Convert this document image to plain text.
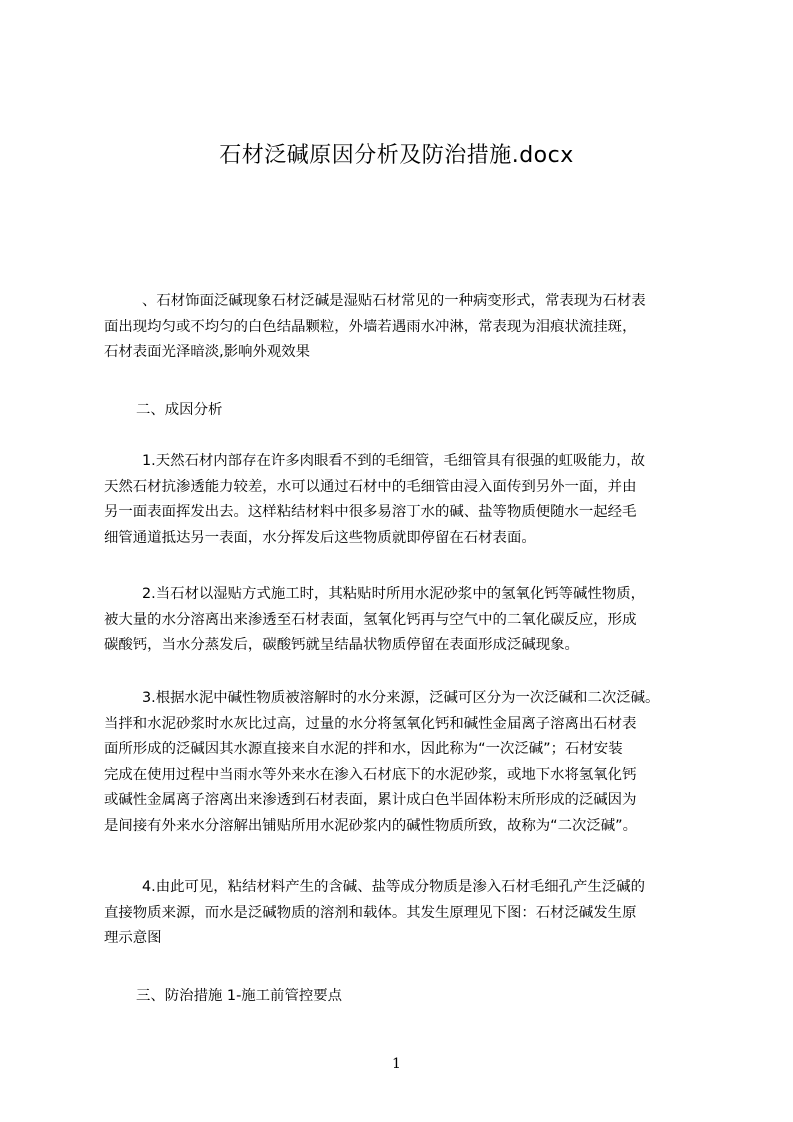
石材泛碱原因分析及防治措施.docx
、石材饰面泛碱现象石材泛碱是湿贴石材常见的一种病变形式，常表现为石材表
面出现均匀或不均匀的白色结晶颗粒，外墙若遇雨水冲淋，常表现为泪痕状流挂斑，
石材表面光泽暗淡,影响外观效果
二、成因分析
1.天然石材内部存在许多肉眼看不到的毛细管，毛细管具有很强的虹吸能力，故
天然石材抗渗透能力较差，水可以通过石材中的毛细管由浸入面传到另外一面，并由
另一面表面挥发出去。这样粘结材料中很多易溶丁水的碱、盐等物质便随水一起经毛
细管通道抵达另一表面，水分挥发后这些物质就即停留在石材表面。
2.当石材以湿贴方式施工时，其粘贴时所用水泥砂浆中的氢氧化钙等碱性物质，
被大量的水分溶离出来渗透至石材表面，氢氧化钙再与空气中的二氧化碳反应，形成
碳酸钙，当水分蒸发后，碳酸钙就呈结晶状物质停留在表面形成泛碱现象。
3.根据水泥中碱性物质被溶解时的水分来源，泛碱可区分为一次泛碱和二次泛碱。
当拌和水泥砂浆时水灰比过高，过量的水分将氢氧化钙和碱性金届离子溶离出石材表
面所形成的泛碱因其水源直接来自水泥的拌和水，因此称为“一次泛碱”；石材安装
完成在使用过程中当雨水等外来水在渗入石材底下的水泥砂浆，或地下水将氢氧化钙
或碱性金属离子溶离出来渗透到石材表面，累计成白色半固体粉末所形成的泛碱因为
是间接有外来水分溶解出铺贴所用水泥砂浆内的碱性物质所致，故称为“二次泛碱”。
4.由此可见，粘结材料产生的含碱、盐等成分物质是渗入石材毛细孔产生泛碱的
直接物质来源，而水是泛碱物质的溶剂和载体。其发生原理见下图：石材泛碱发生原
理示意图
三、防治措施 1-施工前管控要点
1
